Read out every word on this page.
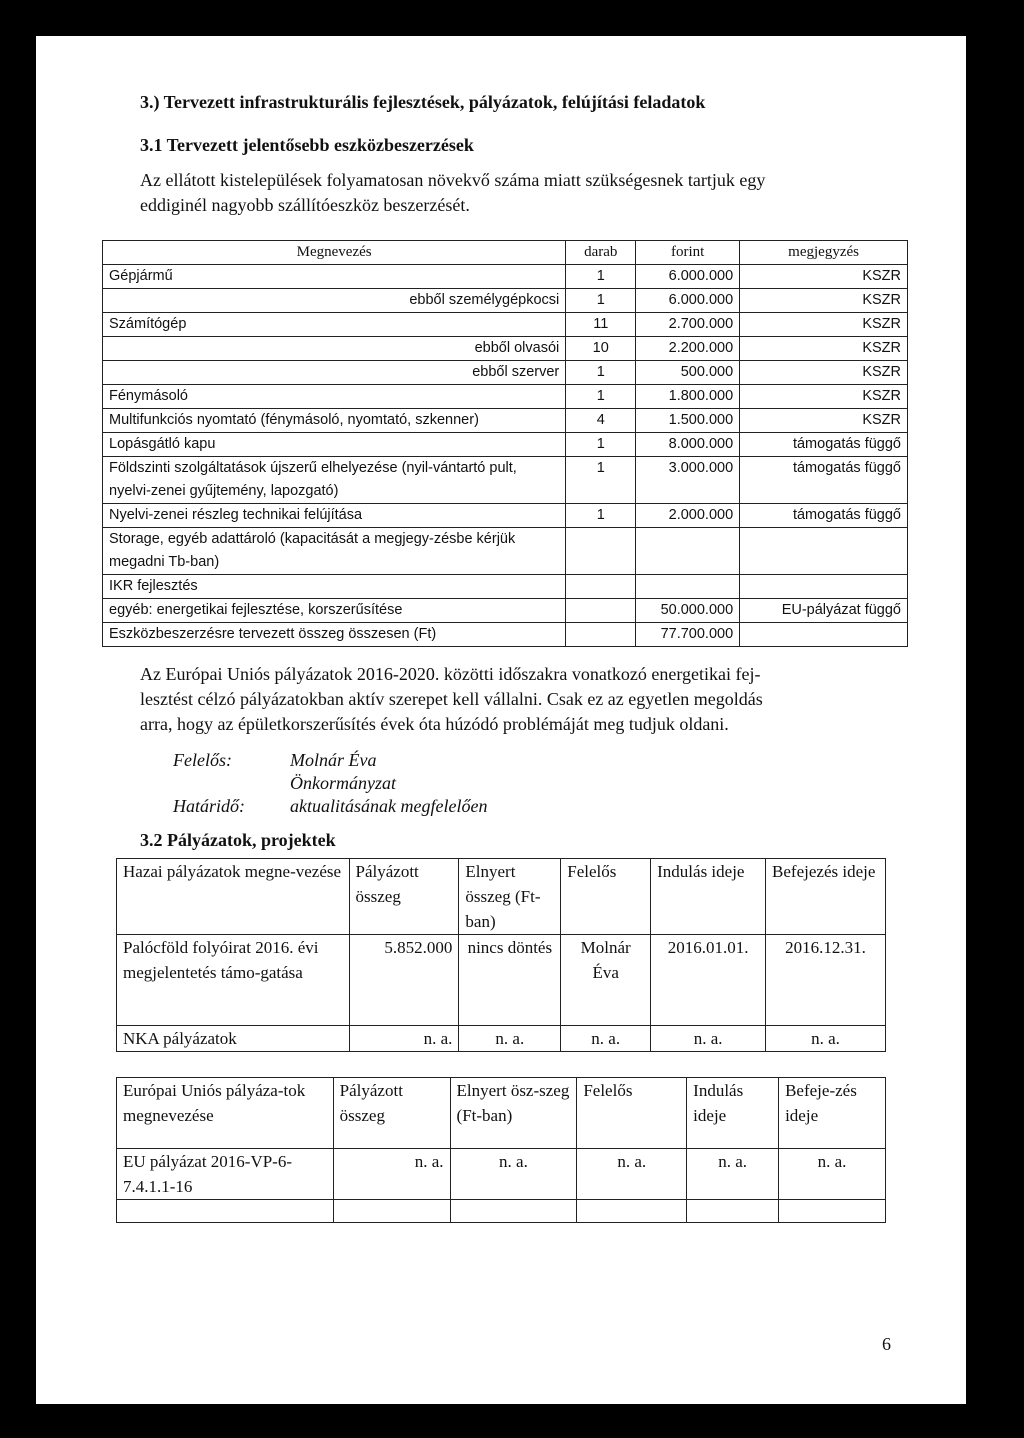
3.) Tervezett infrastrukturális fejlesztések, pályázatok, felújítási feladatok
3.1 Tervezett jelentősebb eszközbeszerzések
Az ellátott kistelepülések folyamatosan növekvő száma miatt szükségesnek tartjuk egy
eddiginél nagyobb szállítóeszköz beszerzését.
Megnevezés	darab	forint	megjegyzés
Gépjármű	1	6.000.000	KSZR
ebből személygépkocsi	1	6.000.000	KSZR
Számítógép	11	2.700.000	KSZR
ebből olvasói	10	2.200.000	KSZR
ebből szerver	1	500.000	KSZR
Fénymásoló	1	1.800.000	KSZR
Multifunkciós nyomtató (fénymásoló, nyomtató, szkenner)	4	1.500.000	KSZR
Lopásgátló kapu	1	8.000.000	támogatás függő
Földszinti szolgáltatások újszerű elhelyezése (nyil-vántartó pult, nyelvi-zenei gyűjtemény, lapozgató)	1	3.000.000	támogatás függő
Nyelvi-zenei részleg technikai felújítása	1	2.000.000	támogatás függő
Storage, egyéb adattároló (kapacitását a megjegy-zésbe kérjük megadni Tb-ban)			
IKR fejlesztés			
egyéb: energetikai fejlesztése, korszerűsítése		50.000.000	EU-pályázat függő
Eszközbeszerzésre tervezett összeg összesen (Ft)		77.700.000	
Az Európai Uniós pályázatok 2016-2020. közötti időszakra vonatkozó energetikai fej-
lesztést célzó pályázatokban aktív szerepet kell vállalni. Csak ez az egyetlen megoldás
arra, hogy az épületkorszerűsítés évek óta húzódó problémáját meg tudjuk oldani.
Felelős:	Molnár Éva
Önkormányzat
Határidő:	aktualitásának megfelelően
3.2 Pályázatok, projektek
Hazai pályázatok megne-vezése	Pályázott összeg	Elnyert összeg (Ft-ban)	Felelős	Indulás ideje	Befejezés ideje
Palócföld folyóirat 2016. évi megjelentetés támo-gatása	5.852.000	nincs döntés	Molnár Éva	2016.01.01.	2016.12.31.
NKA pályázatok	n. a.	n. a.	n. a.	n. a.	n. a.
Európai Uniós pályáza-tok megnevezése	Pályázott összeg	Elnyert ösz-szeg (Ft-ban)	Felelős	Indulás ideje	Befeje-zés ideje
EU pályázat 2016-VP-6-7.4.1.1-16	n. a.	n. a.	n. a.	n. a.	n. a.

6
